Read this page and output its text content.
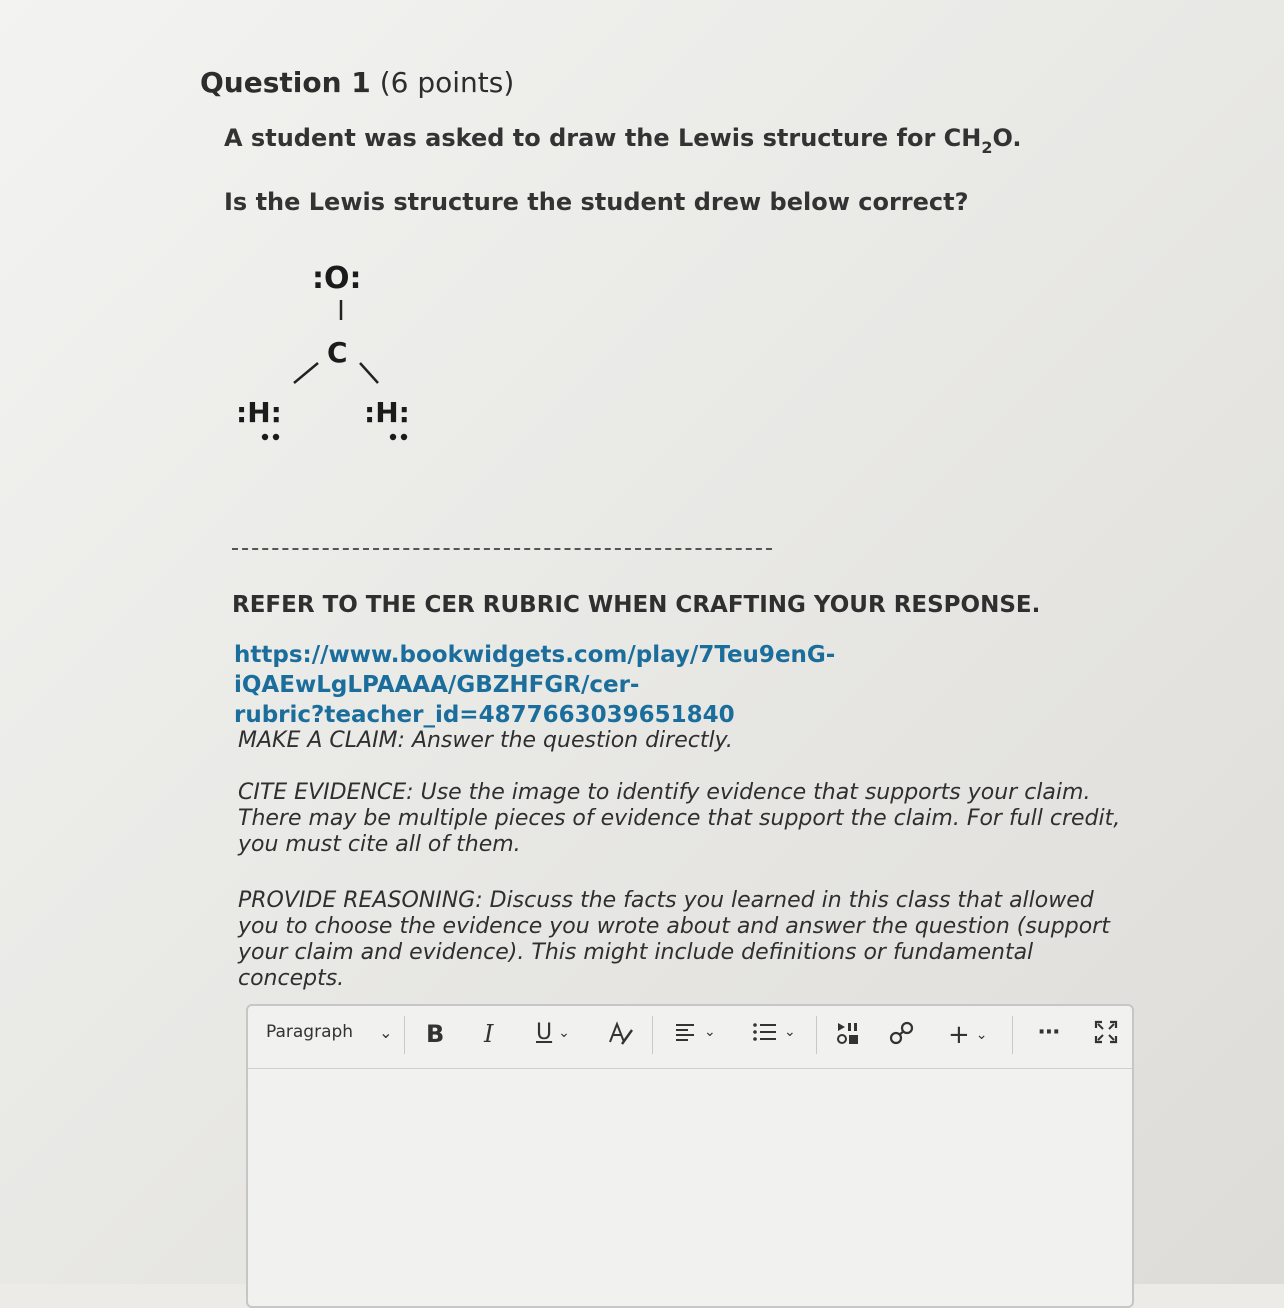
Question 1 (6 points)
A student was asked to draw the Lewis structure for $CH_2O$.
Is the Lewis structure the student drew below correct?
:O:
C
:H:	:H:
REFER TO THE CER RUBRIC WHEN CRAFTING YOUR RESPONSE.
https://www.bookwidgets.com/play/7Teu9enG-iQAEwLgLPAAAA/GBZHFGR/cer-
rubric?teacher_id=4877663039651840
MAKE A CLAIM: Answer the question directly.
CITE EVIDENCE: Use the image to identify evidence that supports your claim. There may be multiple pieces of evidence that support the claim. For full credit, you must cite all of them.
PROVIDE REASONING: Discuss the facts you learned in this class that allowed you to choose the evidence you wrote about and answer the question (support your claim and evidence). This might include definitions or fundamental concepts.
Paragraph ⌄ B I U ⌄	⌄	⌄	+ ⌄ ⋯
